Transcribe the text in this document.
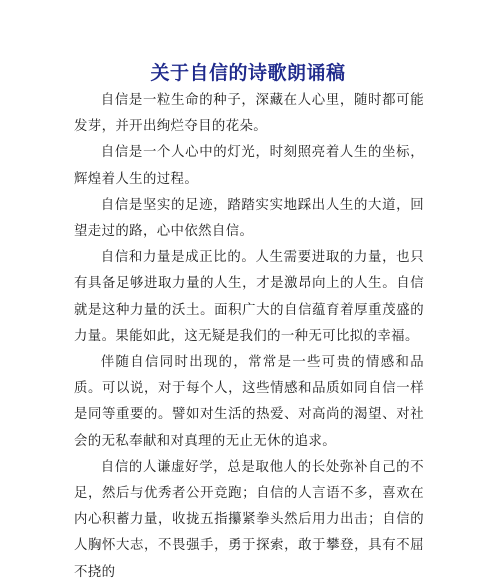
关于自信的诗歌朗诵稿

自信是一粒生命的种子，深藏在人心里，随时都可能发芽，并开出绚烂夺目的花朵。

自信是一个人心中的灯光，时刻照亮着人生的坐标，辉煌着人生的过程。

自信是坚实的足迹，踏踏实实地踩出人生的大道，回望走过的路，心中依然自信。

自信和力量是成正比的。人生需要进取的力量，也只有具备足够进取力量的人生，才是激昂向上的人生。自信就是这种力量的沃土。面积广大的自信蕴育着厚重茂盛的力量。果能如此，这无疑是我们的一种无可比拟的幸福。

伴随自信同时出现的，常常是一些可贵的情感和品质。可以说，对于每个人，这些情感和品质如同自信一样是同等重要的。譬如对生活的热爱、对高尚的渴望、对社会的无私奉献和对真理的无止无休的追求。

自信的人谦虚好学，总是取他人的长处弥补自己的不足，然后与优秀者公开竞跑；自信的人言语不多，喜欢在内心积蓄力量，收拢五指攥紧拳头然后用力出击；自信的人胸怀大志，不畏强手，勇于探索，敢于攀登，具有不屈不挠的
